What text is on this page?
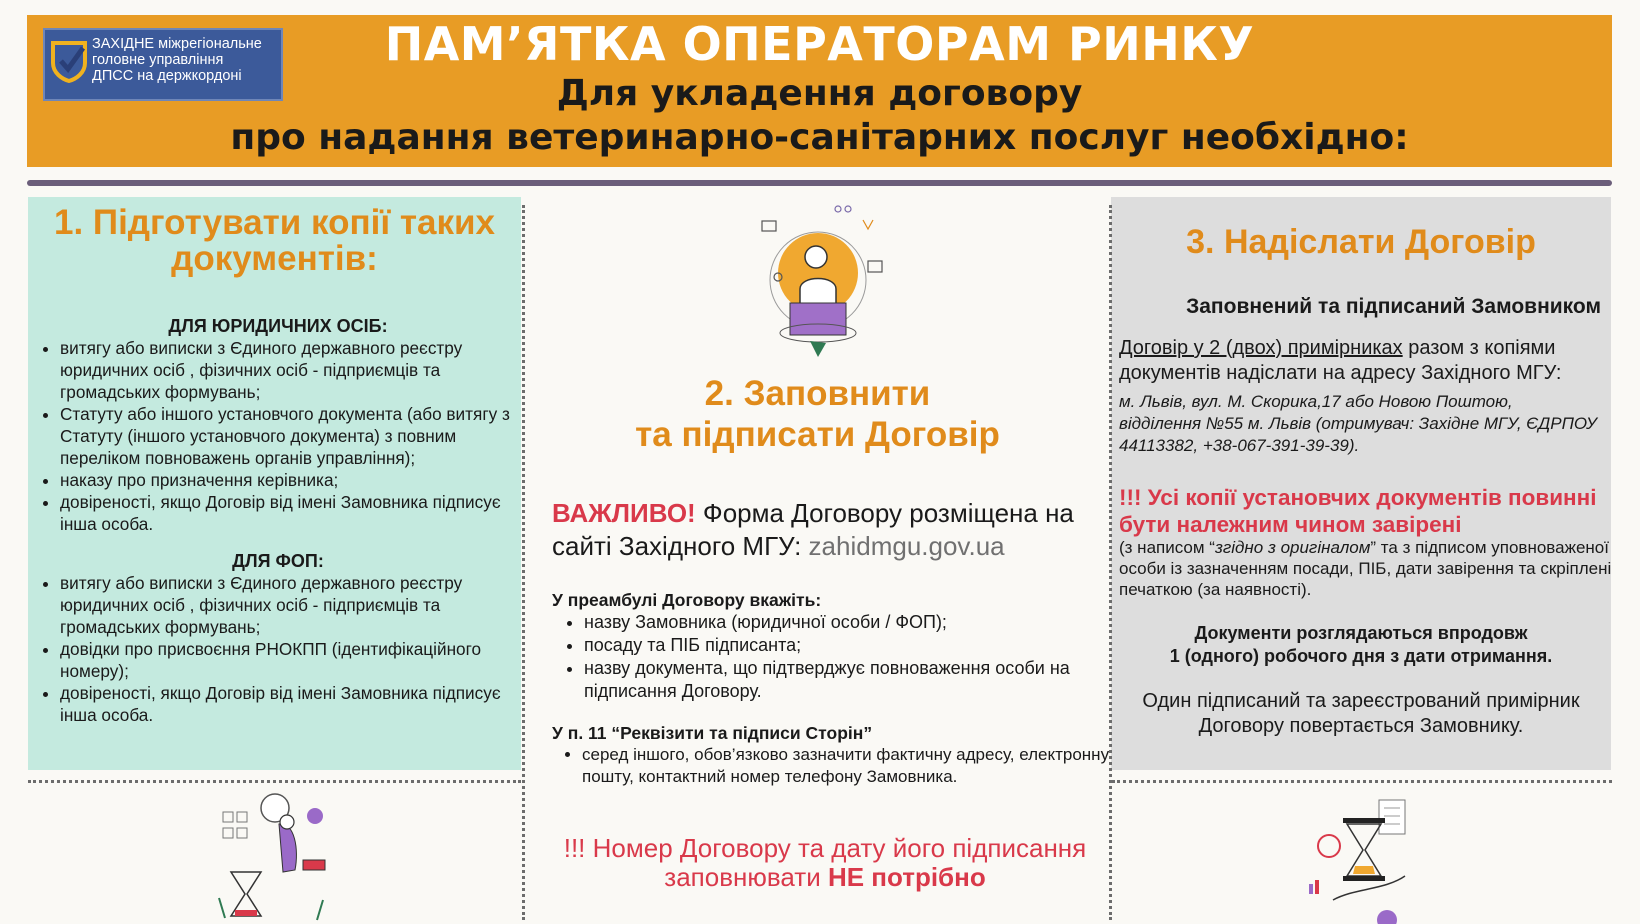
ЗАХІДНЕ міжрегіональне
головне управління
ДПСС на держкордоні
ПАМ’ЯТКА ОПЕРАТОРАМ РИНКУ
Для укладення договору
про надання ветеринарно-санітарних послуг необхідно:
1. Підготувати копії таких документів:
ДЛЯ ЮРИДИЧНИХ ОСІБ:
• витягу або виписки з Єдиного державного реєстру юридичних осіб , фізичних осіб - підприємців та громадських формувань;
• Статуту або іншого установчого документа (або витягу з Статуту (іншого установчого документа) з повним переліком повноважень органів управління);
• наказу про призначення керівника;
• довіреності, якщо Договір від імені Замовника підписує інша особа.
ДЛЯ ФОП:
• витягу або виписки з Єдиного державного реєстру юридичних осіб , фізичних осіб - підприємців та громадських формувань;
• довідки про присвоєння РНОКПП (ідентифікаційного номеру);
• довіреності, якщо Договір від імені Замовника підписує інша особа.
3. Надіслати Договір
Заповнений та підписаний Замовником
Договір у 2 (двох) примірниках разом з копіями документів надіслати на адресу Західного МГУ:
м. Львів, вул. М. Скорика,17 або Новою Поштою,
відділення №55 м. Львів (отримувач: Західне МГУ, ЄДРПОУ 44113382, +38-067-391-39-39).
!!! Усі копії установчих документів повинні бути належним чином завірені
(з написом “згідно з оригіналом” та з підписом уповноваженої особи із зазначенням посади, ПІБ, дати завірення та скріплені печаткою (за наявності).
Документи розглядаються впродовж
1 (одного) робочого дня з дати отримання.
Один підписаний та зареєстрований примірник
Договору повертається Замовнику.
2. Заповнити
та підписати Договір
ВАЖЛИВО! Форма Договору розміщена на сайті Західного МГУ: zahidmgu.gov.ua
У преамбулі Договору вкажіть:
• назву Замовника (юридичної особи / ФОП);
• посаду та ПІБ підписанта;
• назву документа, що підтверджує повноваження особи на підписання Договору.
У п. 11 “Реквізити та підписи Сторін”
• серед іншого, обов’язково зазначити фактичну адресу, електронну пошту, контактний номер телефону Замовника.
!!! Номер Договору та дату його підписання
заповнювати НЕ потрібно
